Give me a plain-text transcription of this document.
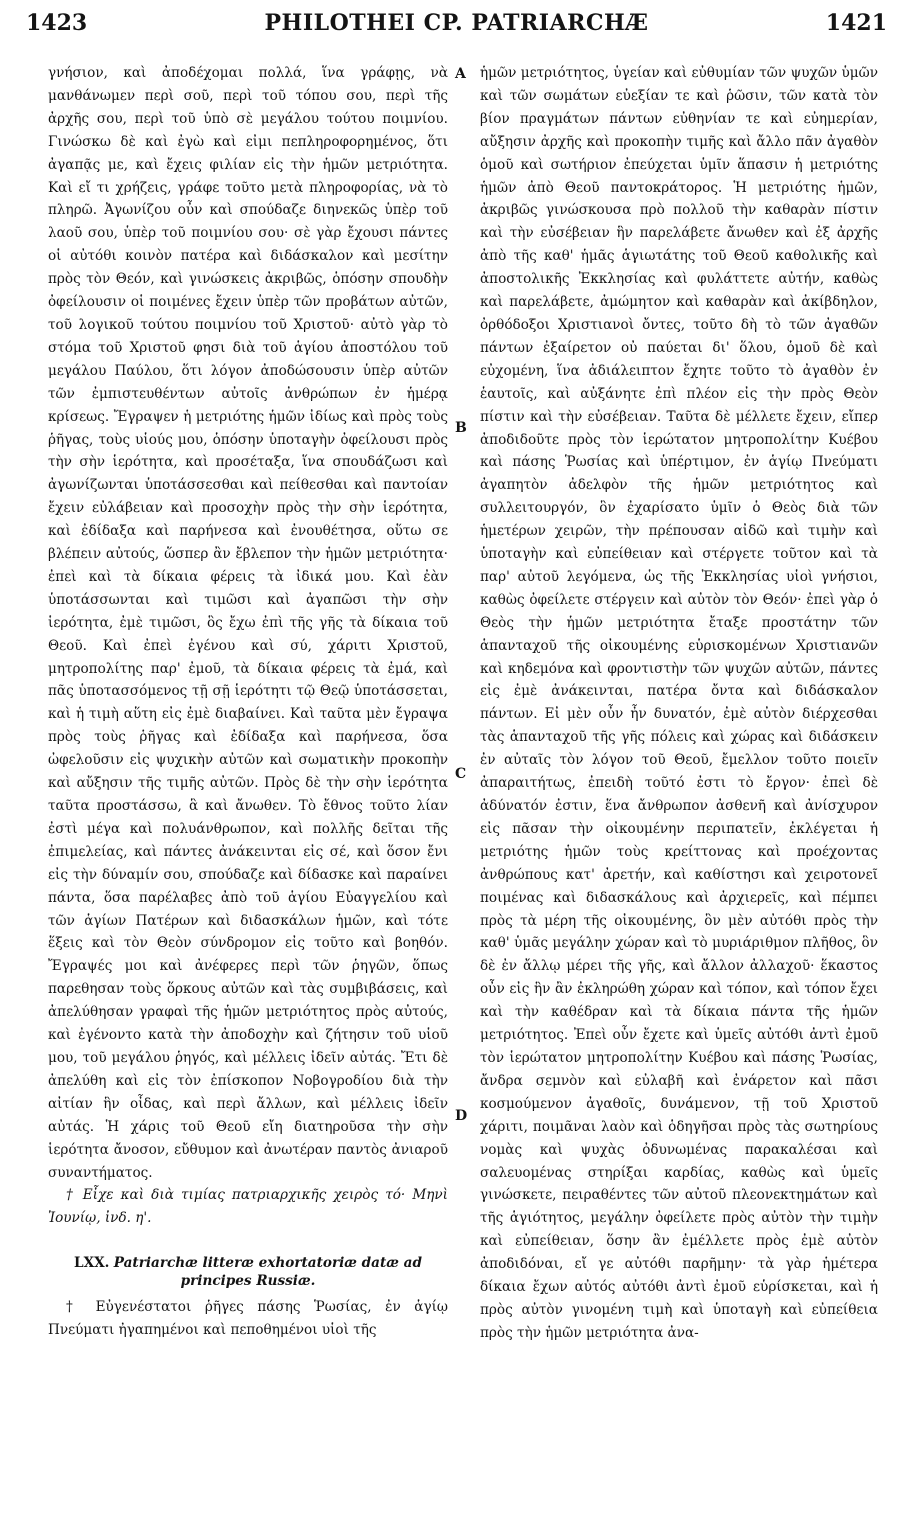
1423	PHILOTHEI CP. PATRIARCHÆ	1421

γνήσιον, καὶ ἀποδέχομαι πολλά, ἵνα γράφῃς, νὰ μανθάνωμεν περὶ σοῦ, περὶ τοῦ τόπου σου, περὶ τῆς ἀρχῆς σου, περὶ τοῦ ὑπὸ σὲ μεγάλου τούτου ποιμνίου. Γινώσκω δὲ καὶ ἐγὼ καὶ εἰμι πεπληροφορημένος, ὅτι ἀγαπᾷς με, καὶ ἔχεις φιλίαν εἰς τὴν ἡμῶν μετριότητα. Καὶ εἴ τι χρήζεις, γράφε τοῦτο μετὰ πληροφορίας, νὰ τὸ πληρῶ. Ἀγωνίζου οὖν καὶ σπούδαζε διηνεκῶς ὑπὲρ τοῦ λαοῦ σου, ὑπὲρ τοῦ ποιμνίου σου· σὲ γὰρ ἔχουσι πάντες οἱ αὐτόθι κοινὸν πατέρα καὶ διδάσκαλον καὶ μεσίτην πρὸς τὸν Θεόν, καὶ γινώσκεις ἀκριβῶς, ὁπόσην σπουδὴν ὀφείλουσιν οἱ ποιμένες ἔχειν ὑπὲρ τῶν προβάτων αὐτῶν, τοῦ λογικοῦ τούτου ποιμνίου τοῦ Χριστοῦ· αὐτὸ γὰρ τὸ στόμα τοῦ Χριστοῦ φησι διὰ τοῦ ἁγίου ἀποστόλου τοῦ μεγάλου Παύλου, ὅτι λόγον ἀποδώσουσιν ὑπὲρ αὐτῶν τῶν ἐμπιστευθέντων αὐτοῖς ἀνθρώπων ἐν ἡμέρᾳ κρίσεως. Ἔγραψεν ἡ μετριότης ἡμῶν ἰδίως καὶ πρὸς τοὺς ῥῆγας, τοὺς υἱούς μου, ὁπόσην ὑποταγὴν ὀφείλουσι πρὸς τὴν σὴν ἱερότητα, καὶ προσέταξα, ἵνα σπουδάζωσι καὶ ἀγωνίζωνται ὑποτάσσεσθαι καὶ πείθεσθαι καὶ παντοίαν ἔχειν εὐλάβειαν καὶ προσοχὴν πρὸς τὴν σὴν ἱερότητα, καὶ ἐδίδαξα καὶ παρήνεσα καὶ ἐνουθέτησα, οὕτω σε βλέπειν αὐτούς, ὥσπερ ἂν ἔβλεπον τὴν ἡμῶν μετριότητα· ἐπεὶ καὶ τὰ δίκαια φέρεις τὰ ἰδικά μου. Καὶ ἐὰν ὑποτάσσωνται καὶ τιμῶσι καὶ ἀγαπῶσι τὴν σὴν ἱερότητα, ἐμὲ τιμῶσι, ὃς ἔχω ἐπὶ τῆς γῆς τὰ δίκαια τοῦ Θεοῦ. Καὶ ἐπεὶ ἐγένου καὶ σύ, χάριτι Χριστοῦ, μητροπολίτης παρ' ἐμοῦ, τὰ δίκαια φέρεις τὰ ἐμά, καὶ πᾶς ὑποτασσόμενος τῇ σῇ ἱερότητι τῷ Θεῷ ὑποτάσσεται, καὶ ἡ τιμὴ αὕτη εἰς ἐμὲ διαβαίνει. Καὶ ταῦτα μὲν ἔγραψα πρὸς τοὺς ῥῆγας καὶ ἐδίδαξα καὶ παρήνεσα, ὅσα ὠφελοῦσιν εἰς ψυχικὴν αὐτῶν καὶ σωματικὴν προκοπὴν καὶ αὔξησιν τῆς τιμῆς αὐτῶν. Πρὸς δὲ τὴν σὴν ἱερότητα ταῦτα προστάσσω, ἃ καὶ ἄνωθεν. Τὸ ἔθνος τοῦτο λίαν ἐστὶ μέγα καὶ πολυάνθρωπον, καὶ πολλῆς δεῖται τῆς ἐπιμελείας, καὶ πάντες ἀνάκεινται εἰς σέ, καὶ ὅσον ἔνι εἰς τὴν δύναμίν σου, σπούδαζε καὶ δίδασκε καὶ παραίνει πάντα, ὅσα παρέλαβες ἀπὸ τοῦ ἁγίου Εὐαγγελίου καὶ τῶν ἁγίων Πατέρων καὶ διδασκάλων ἡμῶν, καὶ τότε ἕξεις καὶ τὸν Θεὸν σύνδρομον εἰς τοῦτο καὶ βοηθόν. Ἔγραψές μοι καὶ ἀνέφερες περὶ τῶν ῥηγῶν, ὅπως παρεθησαν τοὺς ὅρκους αὐτῶν καὶ τὰς συμβιβάσεις, καὶ ἀπελύθησαν γραφαὶ τῆς ἡμῶν μετριότητος πρὸς αὐτούς, καὶ ἐγένοντο κατὰ τὴν ἀποδοχὴν καὶ ζήτησιν τοῦ υἱοῦ μου, τοῦ μεγάλου ῥηγός, καὶ μέλλεις ἰδεῖν αὐτάς. Ἔτι δὲ ἀπελύθη καὶ εἰς τὸν ἐπίσκοπον Νοβογροδίου διὰ τὴν αἰτίαν ἣν οἶδας, καὶ περὶ ἄλλων, καὶ μέλλεις ἰδεῖν αὐτάς. Ἡ χάρις τοῦ Θεοῦ εἴη διατηροῦσα τὴν σὴν ἱερότητα ἄνοσον, εὔθυμον καὶ ἀνωτέραν παντὸς ἀνιαροῦ συναντήματος.

† Εἶχε καὶ διὰ τιμίας πατριαρχικῆς χειρὸς τό· Μηνὶ Ἰουνίῳ, ἰνδ. η'.

LXX. Patriarchæ litteræ exhortatoriæ datæ ad principes Russiæ.

† Εὐγενέστατοι ῥῆγες πάσης Ῥωσίας, ἐν ἁγίῳ Πνεύματι ἠγαπημένοι καὶ πεποθημένοι υἱοὶ τῆς

A
B
C
D

ἡμῶν μετριότητος, ὑγείαν καὶ εὐθυμίαν τῶν ψυχῶν ὑμῶν καὶ τῶν σωμάτων εὐεξίαν τε καὶ ῥῶσιν, τῶν κατὰ τὸν βίον πραγμάτων πάντων εὐθηνίαν τε καὶ εὐημερίαν, αὔξησιν ἀρχῆς καὶ προκοπὴν τιμῆς καὶ ἄλλο πᾶν ἀγαθὸν ὁμοῦ καὶ σωτήριον ἐπεύχεται ὑμῖν ἅπασιν ἡ μετριότης ἡμῶν ἀπὸ Θεοῦ παντοκράτορος. Ἡ μετριότης ἡμῶν, ἀκριβῶς γινώσκουσα πρὸ πολλοῦ τὴν καθαρὰν πίστιν καὶ τὴν εὐσέβειαν ἣν παρελάβετε ἄνωθεν καὶ ἐξ ἀρχῆς ἀπὸ τῆς καθ' ἡμᾶς ἁγιωτάτης τοῦ Θεοῦ καθολικῆς καὶ ἀποστολικῆς Ἐκκλησίας καὶ φυλάττετε αὐτήν, καθὼς καὶ παρελάβετε, ἀμώμητον καὶ καθαρὰν καὶ ἀκίβδηλον, ὀρθόδοξοι Χριστιανοὶ ὄντες, τοῦτο δὴ τὸ τῶν ἀγαθῶν πάντων ἐξαίρετον οὐ παύεται δι' ὅλου, ὁμοῦ δὲ καὶ εὐχομένη, ἵνα ἀδιάλειπτον ἔχητε τοῦτο τὸ ἀγαθὸν ἐν ἑαυτοῖς, καὶ αὐξάνητε ἐπὶ πλέον εἰς τὴν πρὸς Θεὸν πίστιν καὶ τὴν εὐσέβειαν. Ταῦτα δὲ μέλλετε ἔχειν, εἴπερ ἀποδιδοῦτε πρὸς τὸν ἱερώτατον μητροπολίτην Κυέβου καὶ πάσης Ῥωσίας καὶ ὑπέρτιμον, ἐν ἁγίῳ Πνεύματι ἀγαπητὸν ἀδελφὸν τῆς ἡμῶν μετριότητος καὶ συλλειτουργόν, ὃν ἐχαρίσατο ὑμῖν ὁ Θεὸς διὰ τῶν ἡμετέρων χειρῶν, τὴν πρέπουσαν αἰδῶ καὶ τιμὴν καὶ ὑποταγὴν καὶ εὐπείθειαν καὶ στέργετε τοῦτον καὶ τὰ παρ' αὐτοῦ λεγόμενα, ὡς τῆς Ἐκκλησίας υἱοὶ γνήσιοι, καθὼς ὀφείλετε στέργειν καὶ αὐτὸν τὸν Θεόν· ἐπεὶ γὰρ ὁ Θεὸς τὴν ἡμῶν μετριότητα ἔταξε προστάτην τῶν ἁπανταχοῦ τῆς οἰκουμένης εὑρισκομένων Χριστιανῶν καὶ κηδεμόνα καὶ φροντιστὴν τῶν ψυχῶν αὐτῶν, πάντες εἰς ἐμὲ ἀνάκεινται, πατέρα ὄντα καὶ διδάσκαλον πάντων. Εἰ μὲν οὖν ἦν δυνατόν, ἐμὲ αὐτὸν διέρχεσθαι τὰς ἁπανταχοῦ τῆς γῆς πόλεις καὶ χώρας καὶ διδάσκειν ἐν αὐταῖς τὸν λόγον τοῦ Θεοῦ, ἔμελλον τοῦτο ποιεῖν ἀπαραιτήτως, ἐπειδὴ τοῦτό ἐστι τὸ ἔργον· ἐπεὶ δὲ ἀδύνατόν ἐστιν, ἕνα ἄνθρωπον ἀσθενῆ καὶ ἀνίσχυρον εἰς πᾶσαν τὴν οἰκουμένην περιπατεῖν, ἐκλέγεται ἡ μετριότης ἡμῶν τοὺς κρείττονας καὶ προέχοντας ἀνθρώπους κατ' ἀρετήν, καὶ καθίστησι καὶ χειροτονεῖ ποιμένας καὶ διδασκάλους καὶ ἀρχιερεῖς, καὶ πέμπει πρὸς τὰ μέρη τῆς οἰκουμένης, ὃν μὲν αὐτόθι πρὸς τὴν καθ' ὑμᾶς μεγάλην χώραν καὶ τὸ μυριάριθμον πλῆθος, ὃν δὲ ἐν ἄλλῳ μέρει τῆς γῆς, καὶ ἄλλον ἀλλαχοῦ· ἕκαστος οὖν εἰς ἣν ἂν ἐκληρώθη χώραν καὶ τόπον, καὶ τόπον ἔχει καὶ τὴν καθέδραν καὶ τὰ δίκαια πάντα τῆς ἡμῶν μετριότητος. Ἐπεὶ οὖν ἔχετε καὶ ὑμεῖς αὐτόθι ἀντὶ ἐμοῦ τὸν ἱερώτατον μητροπολίτην Κυέβου καὶ πάσης Ῥωσίας, ἄνδρα σεμνὸν καὶ εὐλαβῆ καὶ ἐνάρετον καὶ πᾶσι κοσμούμενον ἀγαθοῖς, δυνάμενον, τῇ τοῦ Χριστοῦ χάριτι, ποιμᾶναι λαὸν καὶ ὁδηγῆσαι πρὸς τὰς σωτηρίους νομὰς καὶ ψυχὰς ὀδυνωμένας παρακαλέσαι καὶ σαλευομένας στηρίξαι καρδίας, καθὼς καὶ ὑμεῖς γινώσκετε, πειραθέντες τῶν αὐτοῦ πλεονεκτημάτων καὶ τῆς ἁγιότητος, μεγάλην ὀφείλετε πρὸς αὐτὸν τὴν τιμὴν καὶ εὐπείθειαν, ὅσην ἂν ἐμέλλετε πρὸς ἐμὲ αὐτὸν ἀποδιδόναι, εἴ γε αὐτόθι παρῆμην· τὰ γὰρ ἡμέτερα δίκαια ἔχων αὐτός αὐτόθι ἀντὶ ἐμοῦ εὑρίσκεται, καὶ ἡ πρὸς αὐτὸν γινομένη τιμὴ καὶ ὑποταγὴ καὶ εὐπείθεια πρὸς τὴν ἡμῶν μετριότητα ἀνα-
